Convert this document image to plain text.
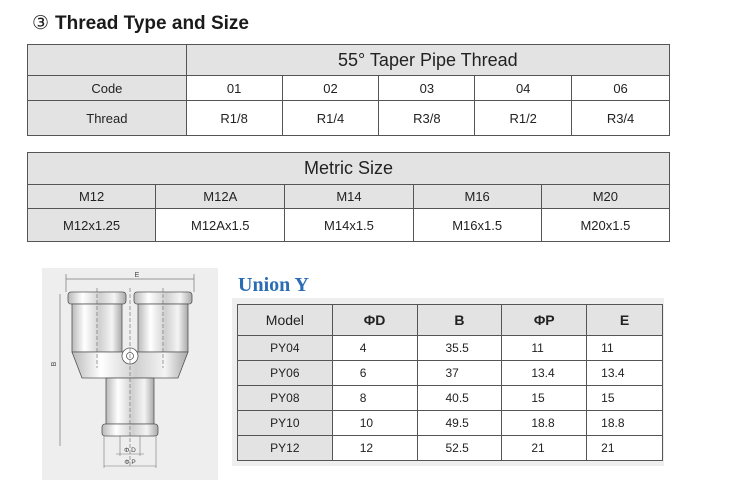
③ Thread Type and Size
	55° Taper Pipe Thread				
Code	01	02	03	04	06
Thread	R1/8	R1/4	R3/8	R1/2	R3/4
Metric Size				
M12	M12A	M14	M16	M20
M12x1.25	M12Ax1.5	M14x1.5	M16x1.5	M20x1.5
E
B
Φ D
Φ P
Union Y
Model	ΦD	B	ΦP	E
PY04	4	35.5	11	11
PY06	6	37	13.4	13.4
PY08	8	40.5	15	15
PY10	10	49.5	18.8	18.8
PY12	12	52.5	21	21
